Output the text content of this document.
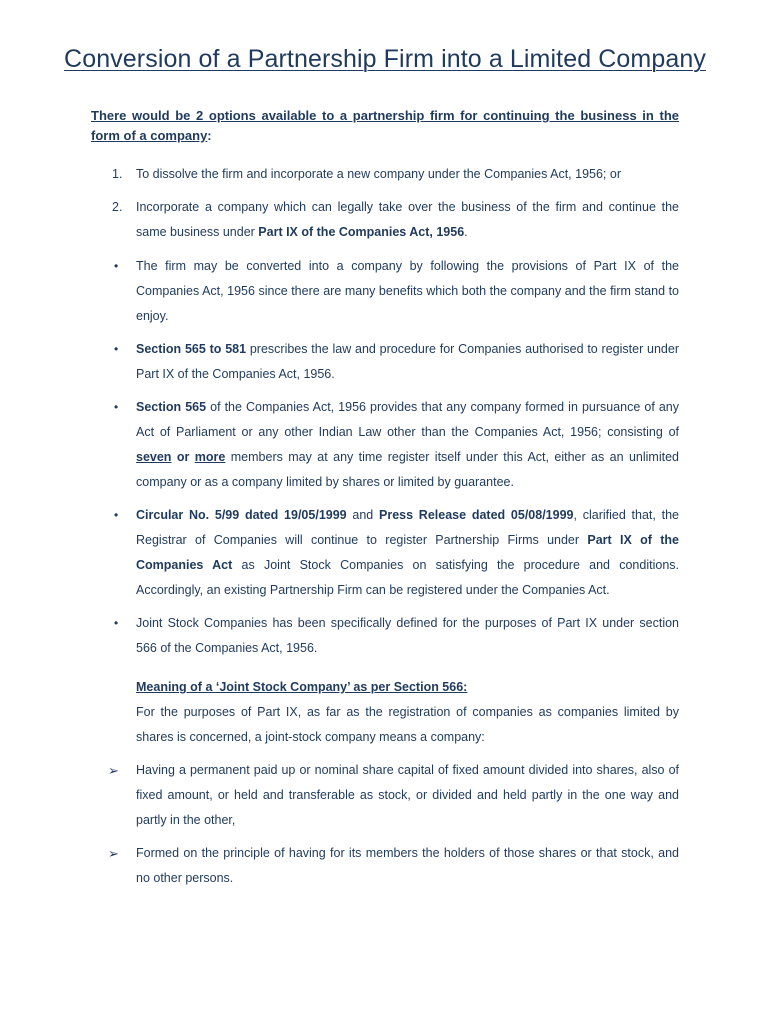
Conversion of a Partnership Firm into a Limited Company
There would be 2 options available to a partnership firm for continuing the business in the form of a company:
1.	To dissolve the firm and incorporate a new company under the Companies Act, 1956; or
2.	Incorporate a company which can legally take over the business of the firm and continue the same business under Part IX of the Companies Act, 1956.
•	The firm may be converted into a company by following the provisions of Part IX of the Companies Act, 1956 since there are many benefits which both the company and the firm stand to enjoy.
•	Section 565 to 581 prescribes the law and procedure for Companies authorised to register under Part IX of the Companies Act, 1956.
•	Section 565 of the Companies Act, 1956 provides that any company formed in pursuance of any Act of Parliament or any other Indian Law other than the Companies Act, 1956; consisting of seven or more members may at any time register itself under this Act, either as an unlimited company or as a company limited by shares or limited by guarantee.
•	Circular No. 5/99 dated 19/05/1999 and Press Release dated 05/08/1999, clarified that, the Registrar of Companies will continue to register Partnership Firms under Part IX of the Companies Act as Joint Stock Companies on satisfying the procedure and conditions. Accordingly, an existing Partnership Firm can be registered under the Companies Act.
•	Joint Stock Companies has been specifically defined for the purposes of Part IX under section 566 of the Companies Act, 1956.
Meaning of a ‘Joint Stock Company’ as per Section 566:
For the purposes of Part IX, as far as the registration of companies as companies limited by shares is concerned, a joint-stock company means a company:
➢	Having a permanent paid up or nominal share capital of fixed amount divided into shares, also of fixed amount, or held and transferable as stock, or divided and held partly in the one way and partly in the other,
➢	Formed on the principle of having for its members the holders of those shares or that stock, and no other persons.
